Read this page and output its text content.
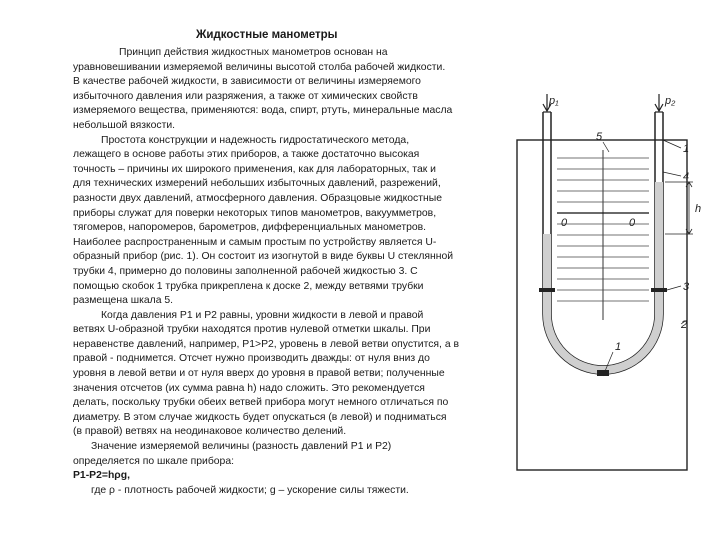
Жидкостные манометры

Принцип действия жидкостных манометров основан на

уравновешивании измеряемой величины высотой столба рабочей жидкости.

В качестве рабочей жидкости, в зависимости от величины измеряемого

избыточного давления или разряжения, а также от химических свойств

измеряемого вещества, применяются: вода, спирт, ртуть, минеральные масла

небольшой вязкости.

Простота конструкции и надежность гидростатического метода,

лежащего в основе работы этих приборов, а также достаточно высокая

точность – причины их широкого применения, как для лабораторных, так и

для технических измерений небольших избыточных давлений, разрежений,

разности двух давлений, атмосферного давления. Образцовые жидкостные

приборы служат для поверки некоторых типов манометров, вакуумметров,

тягомеров, напоромеров, барометров, дифференциальных манометров.

Наиболее распространенным и самым простым по устройству является U-

образный прибор (рис. 1). Он состоит из изогнутой в виде буквы U стеклянной

трубки 4, примерно до половины заполненной рабочей жидкостью 3. С

помощью скобок 1 трубка прикреплена к доске 2, между ветвями трубки

размещена шкала 5.

Когда давления Р1 и Р2 равны, уровни жидкости в левой и правой

ветвях U-образной трубки находятся против нулевой отметки шкалы. При

неравенстве давлений, например, Р1>Р2, уровень в левой ветви опустится, а в

правой - поднимется. Отсчет нужно производить дважды: от нуля вниз до

уровня в левой ветви и от нуля вверх до уровня в правой ветви; полученные

значения отсчетов (их сумма равна h) надо сложить. Это рекомендуется

делать, поскольку трубки обеих ветвей прибора могут немного отличаться по

диаметру. В этом случае жидкость будет опускаться (в левой) и подниматься

(в правой) ветвях на неодинаковое количество делений.

Значение измеряемой величины (разность давлений Р1 и Р2)

определяется по шкале прибора:

Р1-Р2=hρg,

где ρ - плотность рабочей жидкости; g – ускорение силы тяжести.

p₁	p₂
5
1
4
h
0	0
3
2
1
